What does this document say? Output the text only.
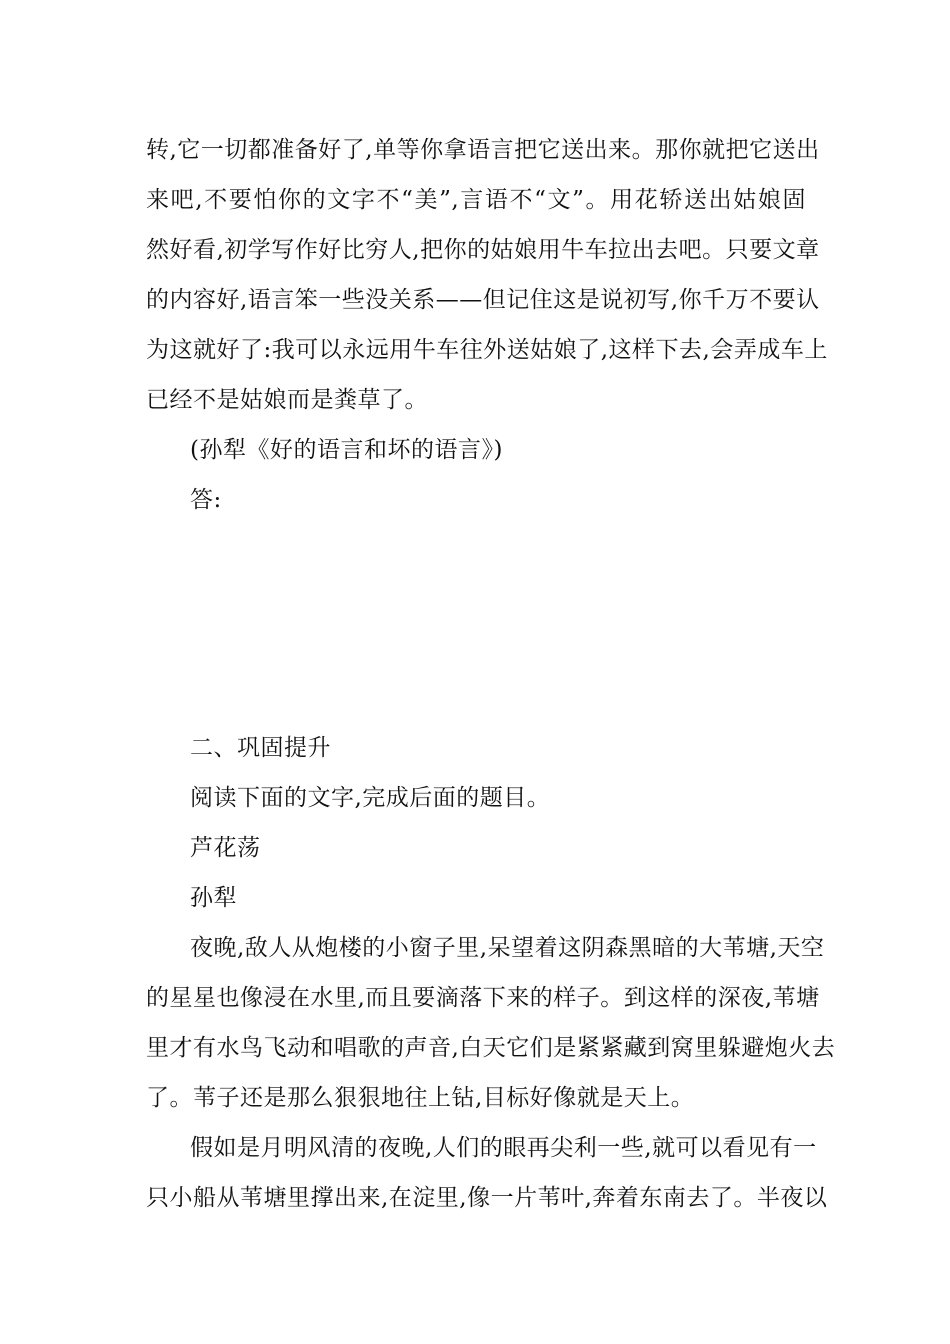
转,它一切都准备好了,单等你拿语言把它送出来。那你就把它送出
来吧,不要怕你的文字不“美”,言语不“文”。用花轿送出姑娘固
然好看,初学写作好比穷人,把你的姑娘用牛车拉出去吧。只要文章
的内容好,语言笨一些没关系——但记住这是说初写,你千万不要认
为这就好了:我可以永远用牛车往外送姑娘了,这样下去,会弄成车上
已经不是姑娘而是粪草了。
(孙犁《好的语言和坏的语言》)
答:
二、巩固提升
阅读下面的文字,完成后面的题目。
芦花荡
孙犁
夜晚,敌人从炮楼的小窗子里,呆望着这阴森黑暗的大苇塘,天空
的星星也像浸在水里,而且要滴落下来的样子。到这样的深夜,苇塘
里才有水鸟飞动和唱歌的声音,白天它们是紧紧藏到窝里躲避炮火去
了。苇子还是那么狠狠地往上钻,目标好像就是天上。
假如是月明风清的夜晚,人们的眼再尖利一些,就可以看见有一
只小船从苇塘里撑出来,在淀里,像一片苇叶,奔着东南去了。半夜以
